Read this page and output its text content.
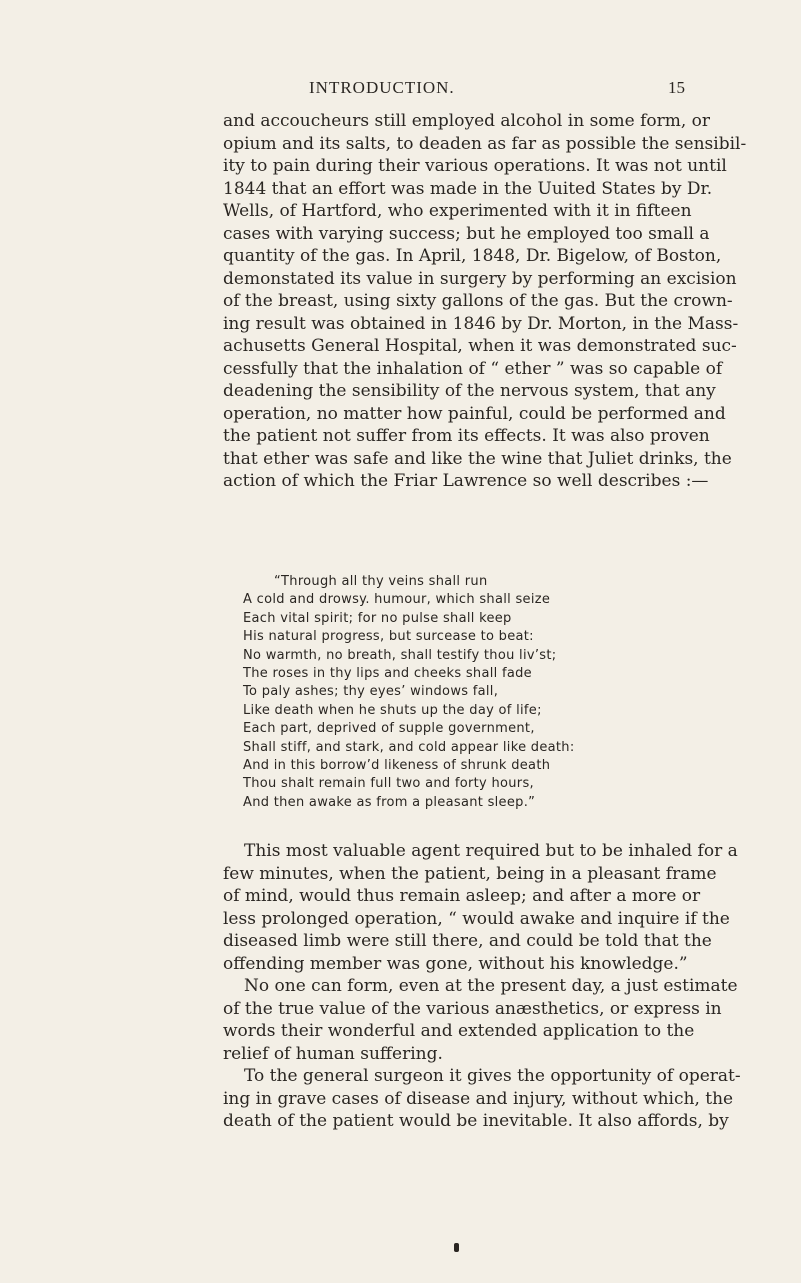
INTRODUCTION.	15
and accoucheurs still employed alcohol in some form, or
opium and its salts, to deaden as far as possible the sensibil-
ity to pain during their various operations. It was not until
1844 that an effort was made in the Uuited States by Dr.
Wells, of Hartford, who experimented with it in fifteen
cases with varying success; but he employed too small a
quantity of the gas. In April, 1848, Dr. Bigelow, of Boston,
demonstated its value in surgery by performing an excision
of the breast, using sixty gallons of the gas. But the crown-
ing result was obtained in 1846 by Dr. Morton, in the Mass-
achusetts General Hospital, when it was demonstrated suc-
cessfully that the inhalation of “ ether ” was so capable of
deadening the sensibility of the nervous system, that any
operation, no matter how painful, could be performed and
the patient not suffer from its effects. It was also proven
that ether was safe and like the wine that Juliet drinks, the
action of which the Friar Lawrence so well describes :—
“Through all thy veins shall run
A cold and drowsy. humour, which shall seize
Each vital spirit; for no pulse shall keep
His natural progress, but surcease to beat:
No warmth, no breath, shall testify thou liv’st;
The roses in thy lips and cheeks shall fade
To paly ashes; thy eyes’ windows fall,
Like death when he shuts up the day of life;
Each part, deprived of supple government,
Shall stiff, and stark, and cold appear like death:
And in this borrow’d likeness of shrunk death
Thou shalt remain full two and forty hours,
And then awake as from a pleasant sleep.”
This most valuable agent required but to be inhaled for a
few minutes, when the patient, being in a pleasant frame
of mind, would thus remain asleep; and after a more or
less prolonged operation, “ would awake and inquire if the
diseased limb were still there, and could be told that the
offending member was gone, without his knowledge.”
No one can form, even at the present day, a just estimate
of the true value of the various anæsthetics, or express in
words their wonderful and extended application to the
relief of human suffering.
To the general surgeon it gives the opportunity of operat-
ing in grave cases of disease and injury, without which, the
death of the patient would be inevitable. It also affords, by
